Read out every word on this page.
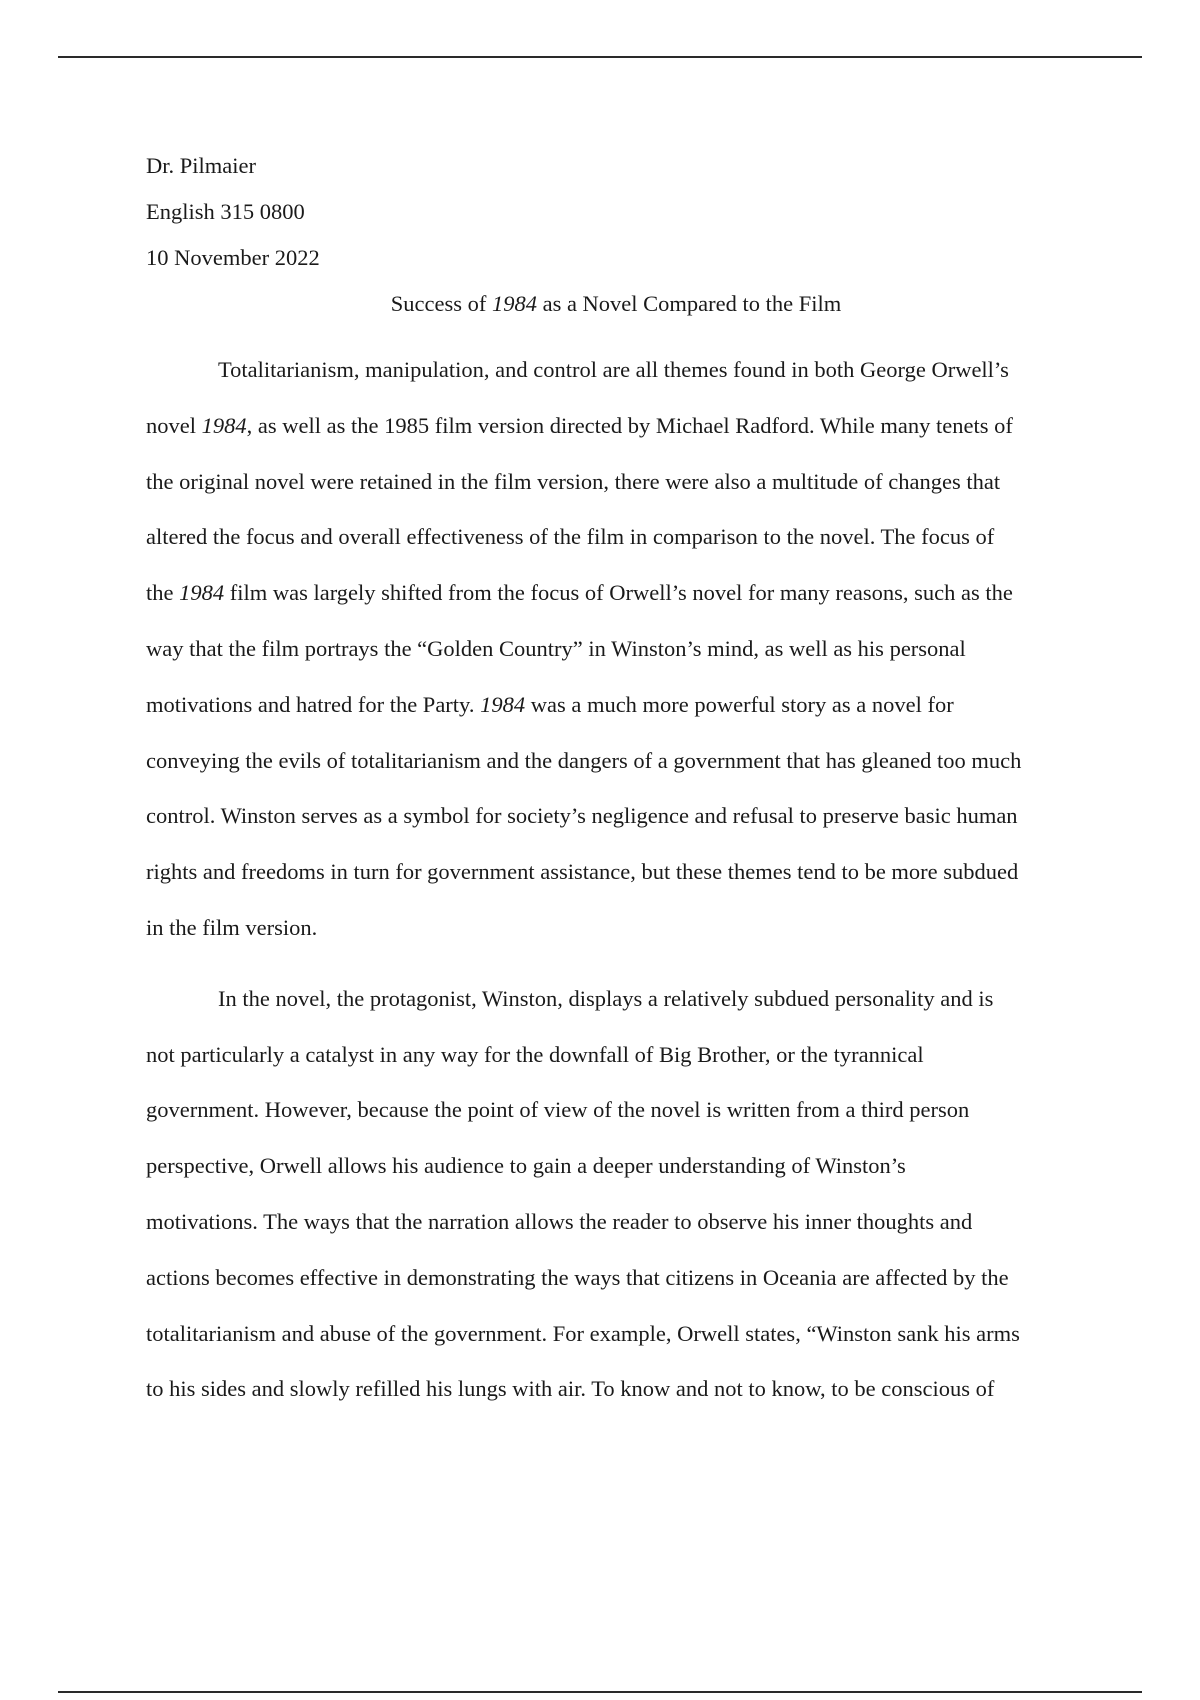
Dr. Pilmaier

English 315 0800

10 November 2022

Success of 1984 as a Novel Compared to the Film

Totalitarianism, manipulation, and control are all themes found in both George Orwell’s
novel 1984, as well as the 1985 film version directed by Michael Radford. While many tenets of
the original novel were retained in the film version, there were also a multitude of changes that
altered the focus and overall effectiveness of the film in comparison to the novel. The focus of
the 1984 film was largely shifted from the focus of Orwell’s novel for many reasons, such as the
way that the film portrays the “Golden Country” in Winston’s mind, as well as his personal
motivations and hatred for the Party. 1984 was a much more powerful story as a novel for
conveying the evils of totalitarianism and the dangers of a government that has gleaned too much
control. Winston serves as a symbol for society’s negligence and refusal to preserve basic human
rights and freedoms in turn for government assistance, but these themes tend to be more subdued
in the film version.
In the novel, the protagonist, Winston, displays a relatively subdued personality and is
not particularly a catalyst in any way for the downfall of Big Brother, or the tyrannical
government. However, because the point of view of the novel is written from a third person
perspective, Orwell allows his audience to gain a deeper understanding of Winston’s
motivations. The ways that the narration allows the reader to observe his inner thoughts and
actions becomes effective in demonstrating the ways that citizens in Oceania are affected by the
totalitarianism and abuse of the government. For example, Orwell states, “Winston sank his arms
to his sides and slowly refilled his lungs with air. To know and not to know, to be conscious of
